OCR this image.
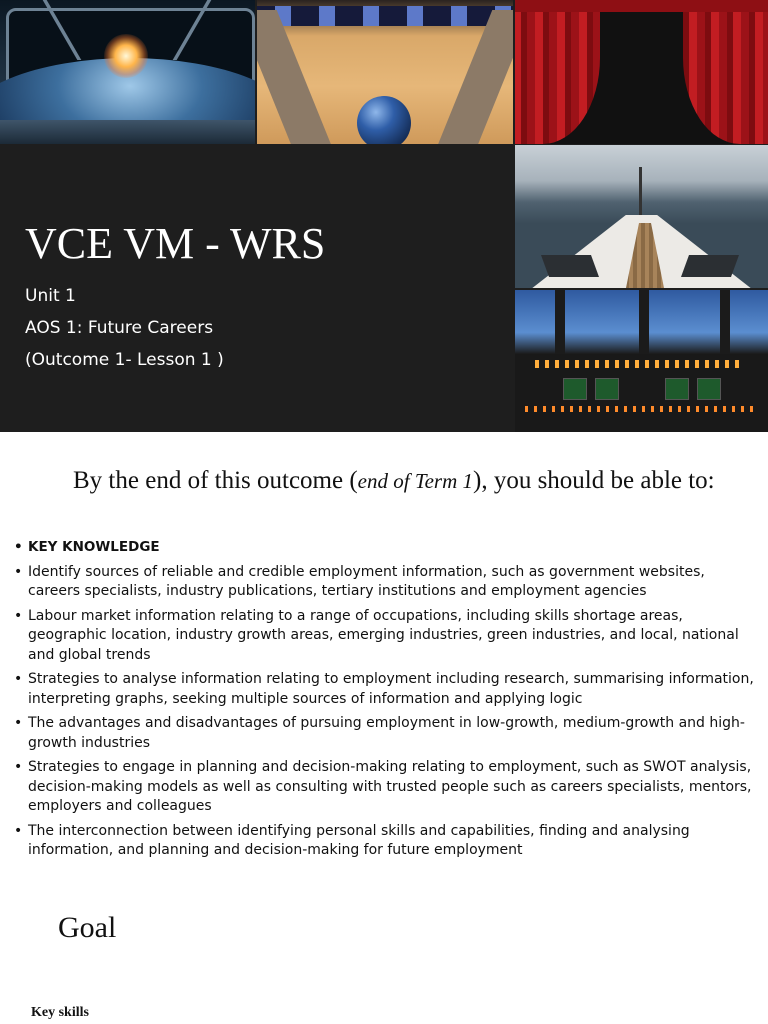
VCE VM - WRS

Unit 1

AOS 1: Future Careers

(Outcome 1- Lesson 1 )

By the end of this outcome (end of Term 1), you should be able to:

• KEY KNOWLEDGE
• Identify sources of reliable and credible employment information, such as government websites, careers specialists, industry publications, tertiary institutions and employment agencies
• Labour market information relating to a range of occupations, including skills shortage areas, geographic location, industry growth areas, emerging industries, green industries, and local, national and global trends
• Strategies to analyse information relating to employment including research, summarising information, interpreting graphs, seeking multiple sources of information and applying logic
• The advantages and disadvantages of pursuing employment in low-growth, medium-growth and high-growth industries
• Strategies to engage in planning and decision-making relating to employment, such as SWOT analysis, decision-making models as well as consulting with trusted people such as careers specialists, mentors, employers and colleagues
• The interconnection between identifying personal skills and capabilities, finding and analysing information, and planning and decision-making for future employment
Goal

Key skills
